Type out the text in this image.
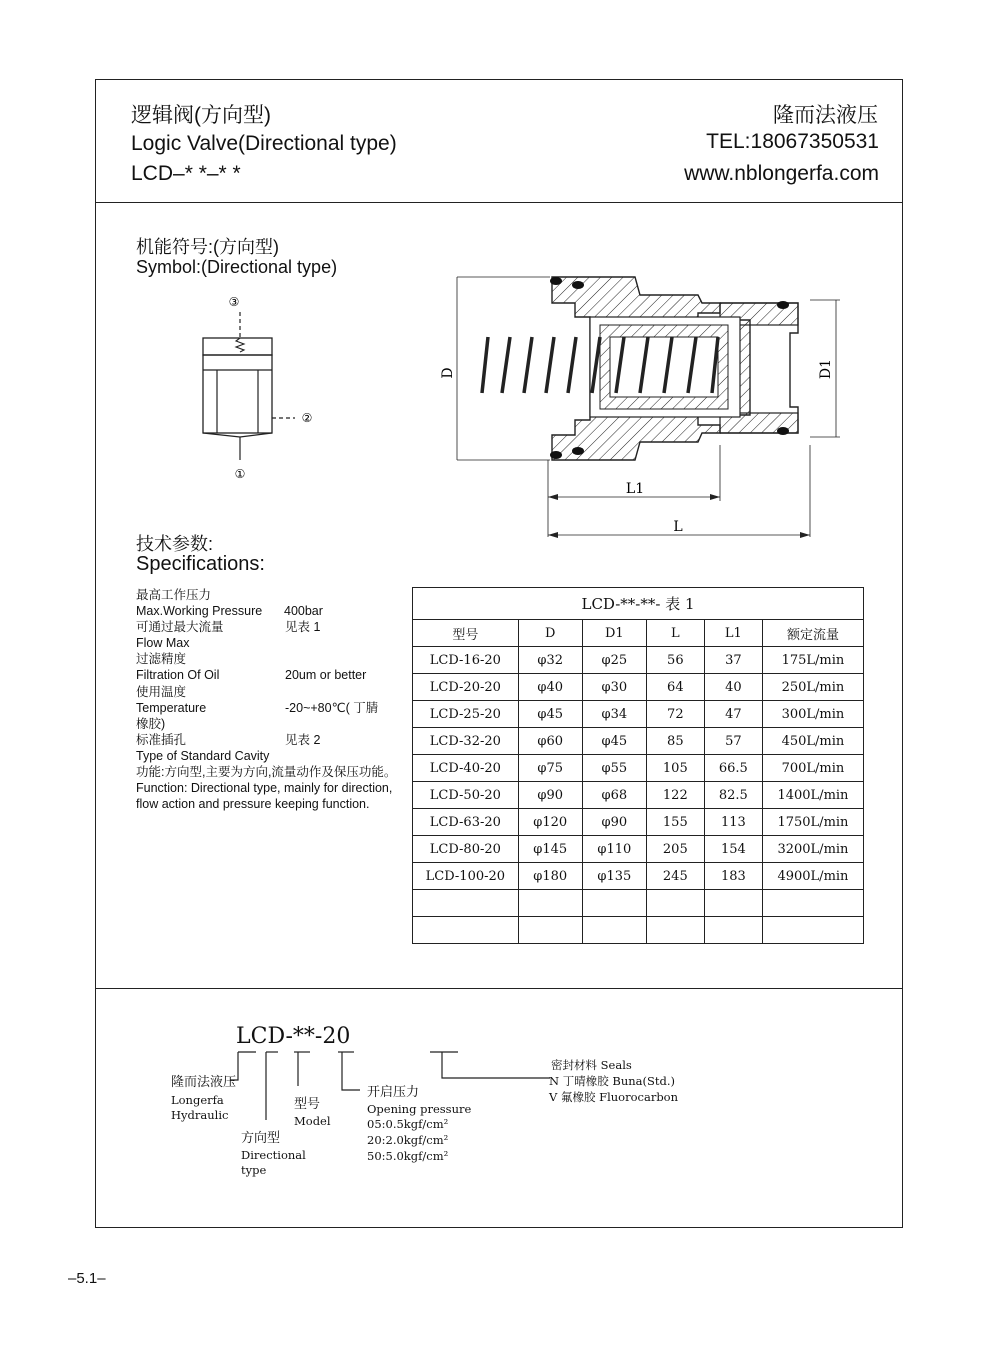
逻辑阀(方向型)
Logic Valve(Directional type)
LCD–* *–* *
隆而法液压
TEL:18067350531
www.nblongerfa.com
机能符号:(方向型)
Symbol:(Directional type)
③
②
①
D	D1
L1
L
技术参数:
Specifications:
最高工作压力
Max.Working Pressure 400bar
可通过最大流量	见表 1
Flow Max
过滤精度
Filtration Of Oil	20um or better
使用温度
Temperature	-20~+80℃( 丁腈
橡胶)
标准插孔	见表 2
Type of Standard Cavity
功能:方向型,主要为方向,流量动作及保压功能。
Function: Directional type, mainly for direction, flow action and pressure keeping function.
LCD-**-**- 表 1					
型号	D	D1	L	L1	额定流量
LCD-16-20	φ32	φ25	56	37	175L/min
LCD-20-20	φ40	φ30	64	40	250L/min
LCD-25-20	φ45	φ34	72	47	300L/min
LCD-32-20	φ60	φ45	85	57	450L/min
LCD-40-20	φ75	φ55	105	66.5	700L/min
LCD-50-20	φ90	φ68	122	82.5	1400L/min
LCD-63-20	φ120	φ90	155	113	1750L/min
LCD-80-20	φ145	φ110	205	154	3200L/min
LCD-100-20	φ180	φ135	245	183	4900L/min

LCD-**-20
隆而法液压
Longerfa
Hydraulic
方向型
Directional
type
型号
Model
开启压力
Opening pressure
05:0.5kgf/cm²
20:2.0kgf/cm²
50:5.0kgf/cm²
密封材料 Seals
N 丁晴橡胶 Buna(Std.)
V 氟橡胶 Fluorocarbon
–5.1–
